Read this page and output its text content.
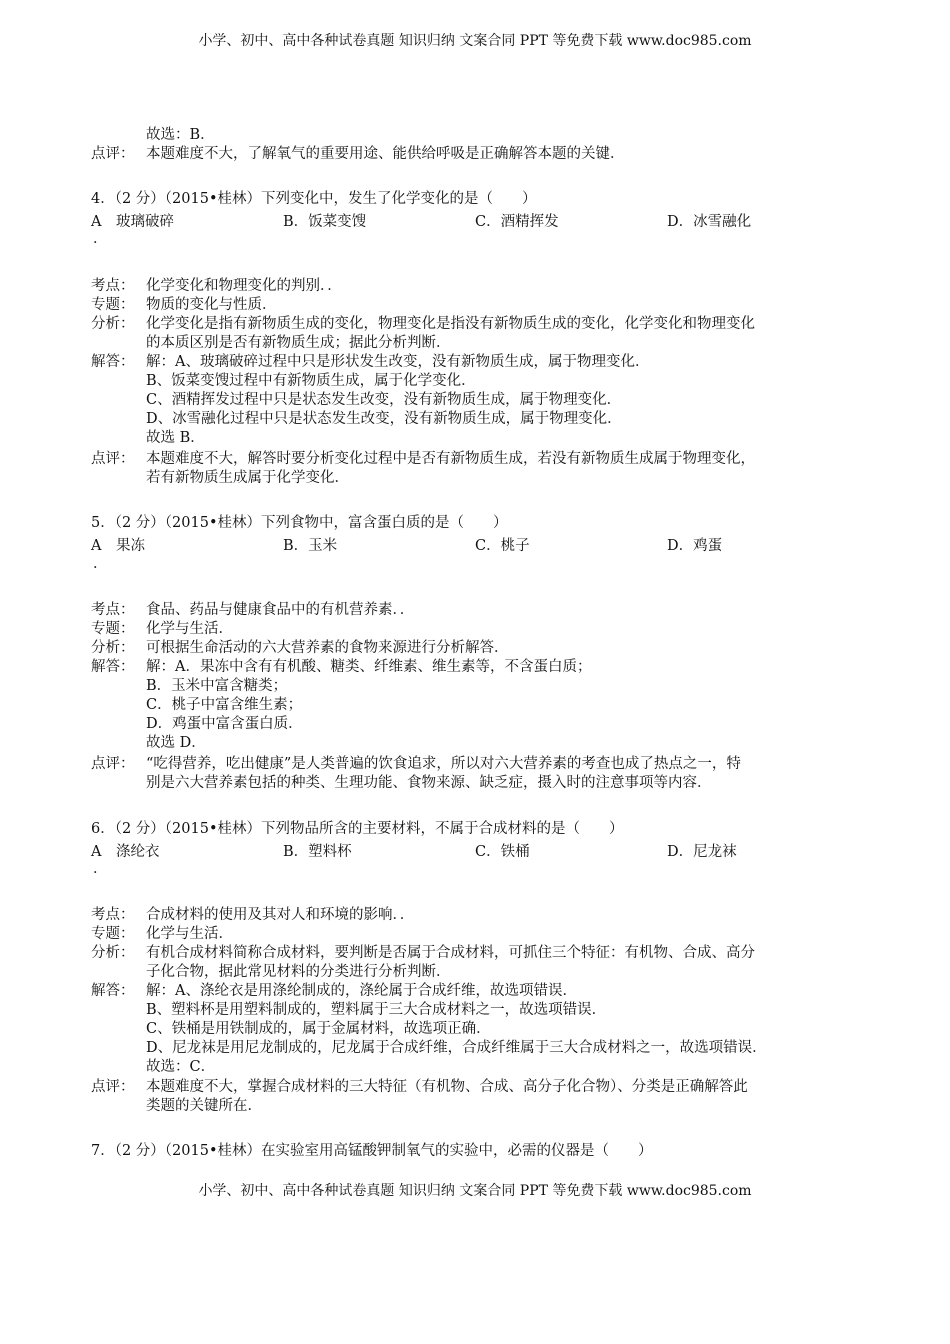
小学、初中、高中各种试卷真题 知识归纳 文案合同 PPT 等免费下载 www.doc985.com
故选：B．
点评： 本题难度不大，了解氧气的重要用途、能供给呼吸是正确解答本题的关键．
4．（2 分）（2015•桂林）下列变化中，发生了化学变化的是（　　）
A　玻璃破碎	B．饭菜变馊	C．酒精挥发	D．冰雪融化
．
考点： 化学变化和物理变化的判别．．
专题： 物质的变化与性质．
分析： 化学变化是指有新物质生成的变化，物理变化是指没有新物质生成的变化，化学变化和物理变化
的本质区别是否有新物质生成；据此分析判断．
解答： 解：A、玻璃破碎过程中只是形状发生改变，没有新物质生成，属于物理变化．
B、饭菜变馊过程中有新物质生成，属于化学变化．
C、酒精挥发过程中只是状态发生改变，没有新物质生成，属于物理变化．
D、冰雪融化过程中只是状态发生改变，没有新物质生成，属于物理变化．
故选 B．
点评： 本题难度不大，解答时要分析变化过程中是否有新物质生成，若没有新物质生成属于物理变化，
若有新物质生成属于化学变化．
5．（2 分）（2015•桂林）下列食物中，富含蛋白质的是（　　）
A　果冻	B．玉米	C．桃子	D．鸡蛋
．
考点： 食品、药品与健康食品中的有机营养素．．
专题： 化学与生活．
分析： 可根据生命活动的六大营养素的食物来源进行分析解答．
解答： 解：A．果冻中含有有机酸、糖类、纤维素、维生素等，不含蛋白质；
B．玉米中富含糖类；
C．桃子中富含维生素；
D．鸡蛋中富含蛋白质．
故选 D．
点评： “吃得营养，吃出健康”是人类普遍的饮食追求，所以对六大营养素的考查也成了热点之一，特
别是六大营养素包括的种类、生理功能、食物来源、缺乏症，摄入时的注意事项等内容．
6．（2 分）（2015•桂林）下列物品所含的主要材料，不属于合成材料的是（　　）
A　涤纶衣	B．塑料杯	C．铁桶	D．尼龙袜
．
考点： 合成材料的使用及其对人和环境的影响．．
专题： 化学与生活．
分析： 有机合成材料简称合成材料，要判断是否属于合成材料，可抓住三个特征：有机物、合成、高分
子化合物，据此常见材料的分类进行分析判断．
解答： 解：A、涤纶衣是用涤纶制成的，涤纶属于合成纤维，故选项错误．
B、塑料杯是用塑料制成的，塑料属于三大合成材料之一，故选项错误．
C、铁桶是用铁制成的，属于金属材料，故选项正确．
D、尼龙袜是用尼龙制成的，尼龙属于合成纤维，合成纤维属于三大合成材料之一，故选项错误．
故选：C．
点评： 本题难度不大，掌握合成材料的三大特征（有机物、合成、高分子化合物）、分类是正确解答此
类题的关键所在．
7．（2 分）（2015•桂林）在实验室用高锰酸钾制氧气的实验中，必需的仪器是（　　）
小学、初中、高中各种试卷真题 知识归纳 文案合同 PPT 等免费下载 www.doc985.com
